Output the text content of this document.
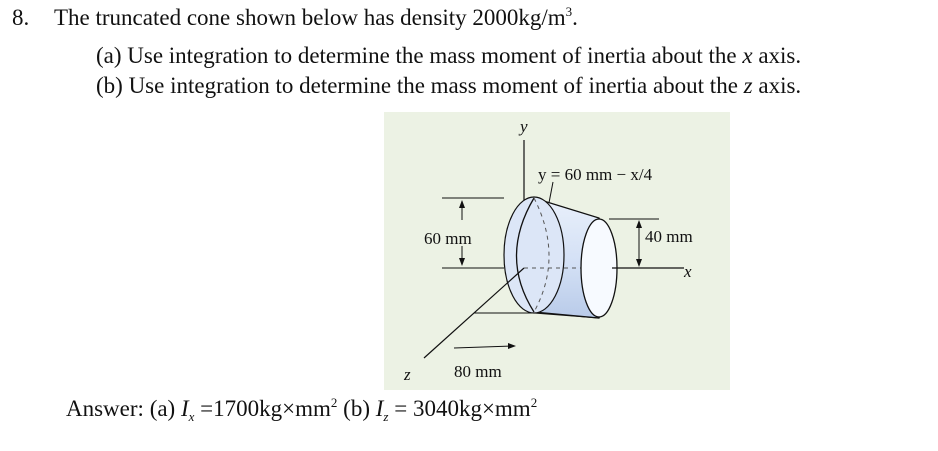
8. The truncated cone shown below has density $2000kg/m^3$.
(a) Use integration to determine the mass moment of inertia about the x axis.
(b) Use integration to determine the mass moment of inertia about the z axis.
y
y = 60 mm − x/4
60 mm	40 mm
x
80 mm
z
Answer: (a) $I_x =1700kg\times mm^2$ (b) $I_z = 3040kg\times mm^2$
